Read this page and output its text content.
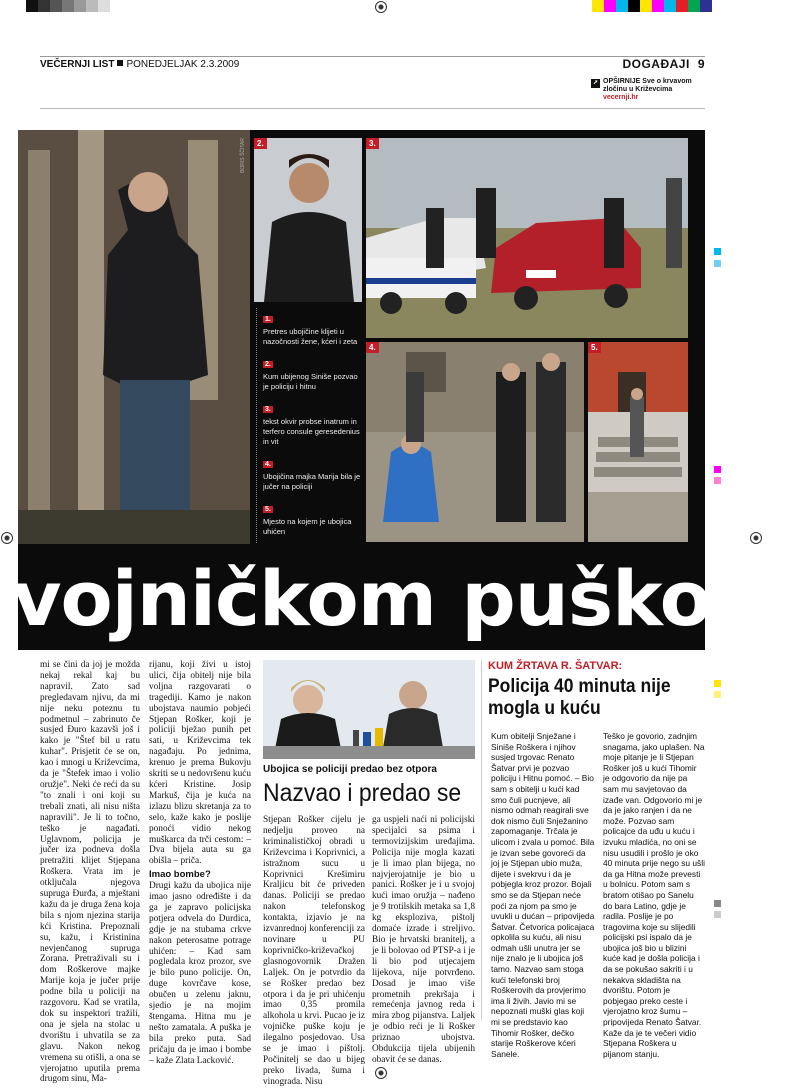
VEČERNJI LIST PONEDJELJAK 2.3.2009	DOGAĐAJI 9
➚ OPŠIRNIJE Sve o krvavom zločinu u Križevcima
vecernji.hr
BORIS ŠČITAR	2.	3.
4.	5.
1.
Pretres ubojičine klijeti u nazočnosti žene, kćeri i zeta
2.
Kum ubijenog Siniše pozvao je policiju i hitnu
3.
tekst okvir probse inatrum in terfero consule geresedenius in vit
4.
Ubojičina majka Marija bila je jučer na policiji
5.
Mjesto na kojem je ubojica uhićen
vojničkom puškom

mi se čini da joj je možda nekaj rekal kaj bu napravil. Zato sad pregledavam njivu, da mi nije neku poteznu tu podmetnul – zabrinuto če susjed Đuro kazavši još i kako je "Štef bil u ratu kuhar". Prisjetit će se on, kao i mnogi u Križevcima, da je "Štefek imao i volio oružje". Neki će reći da su "to znali i oni koji su trebali znati, ali nisu ništa napravili". Je li to točno, teško je nagađati. Uglavnom, policija je jučer iza podneva došla pretražiti klijet Stjepana Roškera. Vrata im je otključala njegova supruga Đurđa, a mještani kažu da je druga žena koja bila s njom njezina starija kći Kristina. Prepoznali su, kažu, i Kristinina nevjenčanog supruga Zorana. Pretraživali su i dom Roškerove majke Marije koja je jučer prije podne bila u policiji na razgovoru. Kad se vratila, dok su inspektori tražili, ona je sjela na stolac u dvorištu i uhvatila se za glavu. Nakon nekog vremena su otišli, a ona se vjerojatno uputila prema drugom sinu, Ma-

rijanu, koji živi u istoj ulici, čija obitelj nije bila voljna razgovarati o tragediji. Kamo je nakon ubojstava naumio pobjeći Stjepan Rošker, koji je policiji bježao punih pet sati, u Križevcima tek nagađaju. Po jednima, krenuo je prema Bukovju skriti se u nedovršenu kuću kćeri Kristine. Josip Markuš, čija je kuća na izlazu blizu skretanja za to selo, kaže kako je poslije ponoći vidio nekog muškarca da trči cestom: – Dva bijela auta su ga obišla – priča.

Imao bombe?

Drugi kažu da ubojica nije imao jasno određište i da ga je zapravo policijska potjera odvela do Durdica, gdje je na stubama crkve nakon peterosatne potrage uhićen: – Kad sam pogledala kroz prozor, sve je bilo puno policije. On, duge kovrčave kose, obučen u zelenu jaknu, sjedio je na mojim štengama. Hitna mu je nešto zamatala. A puška je bila preko puta. Sad pričaju da je imao i bombe – kaže Zlata Lacković.

Ubojica se policiji predao bez otpora
Nazvao i predao se

Stjepan Rošker cijelu je nedjelju proveo na kriminalističkoj obradi u Križevcima i Koprivnici, a istražnom sucu u Koprivnici Krešimiru Kraljicu bit će priveden danas. Policiji se predao nakon telefonskog kontakta, izjavio je na izvanrednoj konferenciji za novinare u PU koprivničko-križevačkoj glasnogovornik Dražen Laljek. On je potvrdio da se Rošker predao bez otpora i da je pri uhićenju imao 0,35 promila alkohola u krvi. Pucao je iz vojničke puške koju je ilegalno posjedovao. Usa se je imao i pištolj. Počinitelj se dao u bijeg preko livada, šuma i vinograda. Nisu

ga uspjeli naći ni policijski specijalci sa psima i termovizijskim uređajima. Policija nije mogla kazati je li imao plan bijega, no najvjerojatnije je bio u panici. Rošker je i u svojoj kući imao oružja – nađeno je 9 trotilskih metaka sa 1,8 kg eksploziva, pištolj domaće izrade i streljivo. Bio je hrvatski branitelj, a je li bolovao od PTSP-a i je li bio pod utjecajem lijekova, nije potvrđeno. Dosad je imao više prometnih prekršaja i remećenja javnog reda i mira zbog pijanstva. Laljek je odbio reći je li Rošker priznao ubojstva. Obdukcija tijela ubijenih obavit će se danas.

KUM ŽRTAVA R. ŠATVAR:
Policija 40 minuta nije mogla u kuću

Kum obitelji Snježane i Siniše Roškera i njihov susjed trgovac Renato Šatvar prvi je pozvao policiju i Hitnu pomoć. – Bio sam s obitelji u kući kad smo čuli pucnjeve, ali nismo odmah reagirali sve dok nismo čuli Snježanino zapomaganje. Trčala je ulicom i zvala u pomoć. Bila je izvan sebe govoreći da joj je Stjepan ubio muža, dijete i svekrvu i da je pobjegla kroz prozor. Bojali smo se da Stjepan neće poći za njom pa smo je uvukli u dućan – pripovijeda Šatvar. Četvorica policajaca opkolila su kuću, ali nisu odmah ušli unutra jer se nije znalo je li ubojica još tamo. Nazvao sam stoga kući telefonski broj Roškerovih da provjerimo ima li živih. Javio mi se nepoznati muški glas koji mi se predstavio kao Tihomir Rošker, dečko starije Roškerove kćeri Sanele.

Teško je govorio, zadnjim snagama, jako uplašen. Na moje pitanje je li Stjepan Rošker još u kući Tihomir je odgovorio da nije pa sam mu savjetovao da izađe van. Odgovorio mi je da je jako ranjen i da ne može. Pozvao sam policajce da uđu u kuću i izvuku mladića, no oni se nisu usudili i prošlo je oko 40 minuta prije nego su ušli da ga Hitna može prevesti u bolnicu. Potom sam s bratom otišao po Sanelu do bara Latino, gdje je radila. Poslije je po tragovima koje su slijedili policijski psi ispalo da je ubojica još bio u blizini kuće kad je došla policija i da se pokušao sakriti i u nekakva skladišta na dvorištu. Potom je pobjegao preko ceste i vjerojatno kroz šumu – pripovijeda Renato Šatvar. Kaže da je te večeri vidio Stjepana Roškera u pijanom stanju.
